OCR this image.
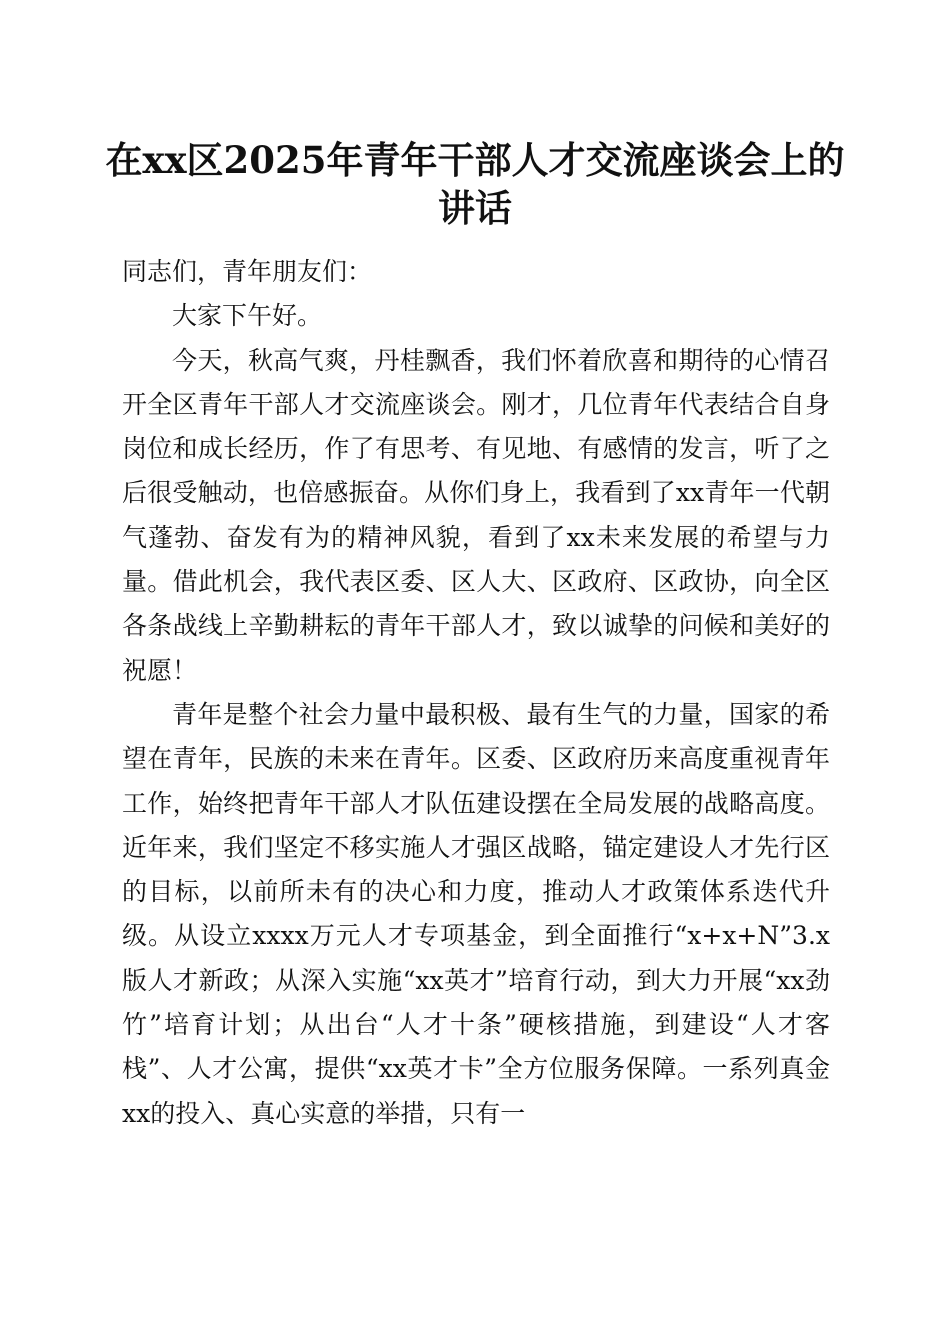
在xx区2025年青年干部人才交流座谈会上的
讲话

同志们，青年朋友们：

大家下午好。

今天，秋高气爽，丹桂飘香，我们怀着欣喜和期待的心情召开全区青年干部人才交流座谈会。刚才，几位青年代表结合自身岗位和成长经历，作了有思考、有见地、有感情的发言，听了之后很受触动，也倍感振奋。从你们身上，我看到了xx青年一代朝气蓬勃、奋发有为的精神风貌，看到了xx未来发展的希望与力量。借此机会，我代表区委、区人大、区政府、区政协，向全区各条战线上辛勤耕耘的青年干部人才，致以诚挚的问候和美好的祝愿！

青年是整个社会力量中最积极、最有生气的力量，国家的希望在青年，民族的未来在青年。区委、区政府历来高度重视青年工作，始终把青年干部人才队伍建设摆在全局发展的战略高度。近年来，我们坚定不移实施人才强区战略，锚定建设人才先行区的目标，以前所未有的决心和力度，推动人才政策体系迭代升级。从设立xxxx万元人才专项基金，到全面推行“x+x+N”3.x版人才新政；从深入实施“xx英才”培育行动，到大力开展“xx劲竹”培育计划；从出台“人才十条”硬核措施，到建设“人才客栈”、人才公寓，提供“xx英才卡”全方位服务保障。一系列真金xx的投入、真心实意的举措，只有一
